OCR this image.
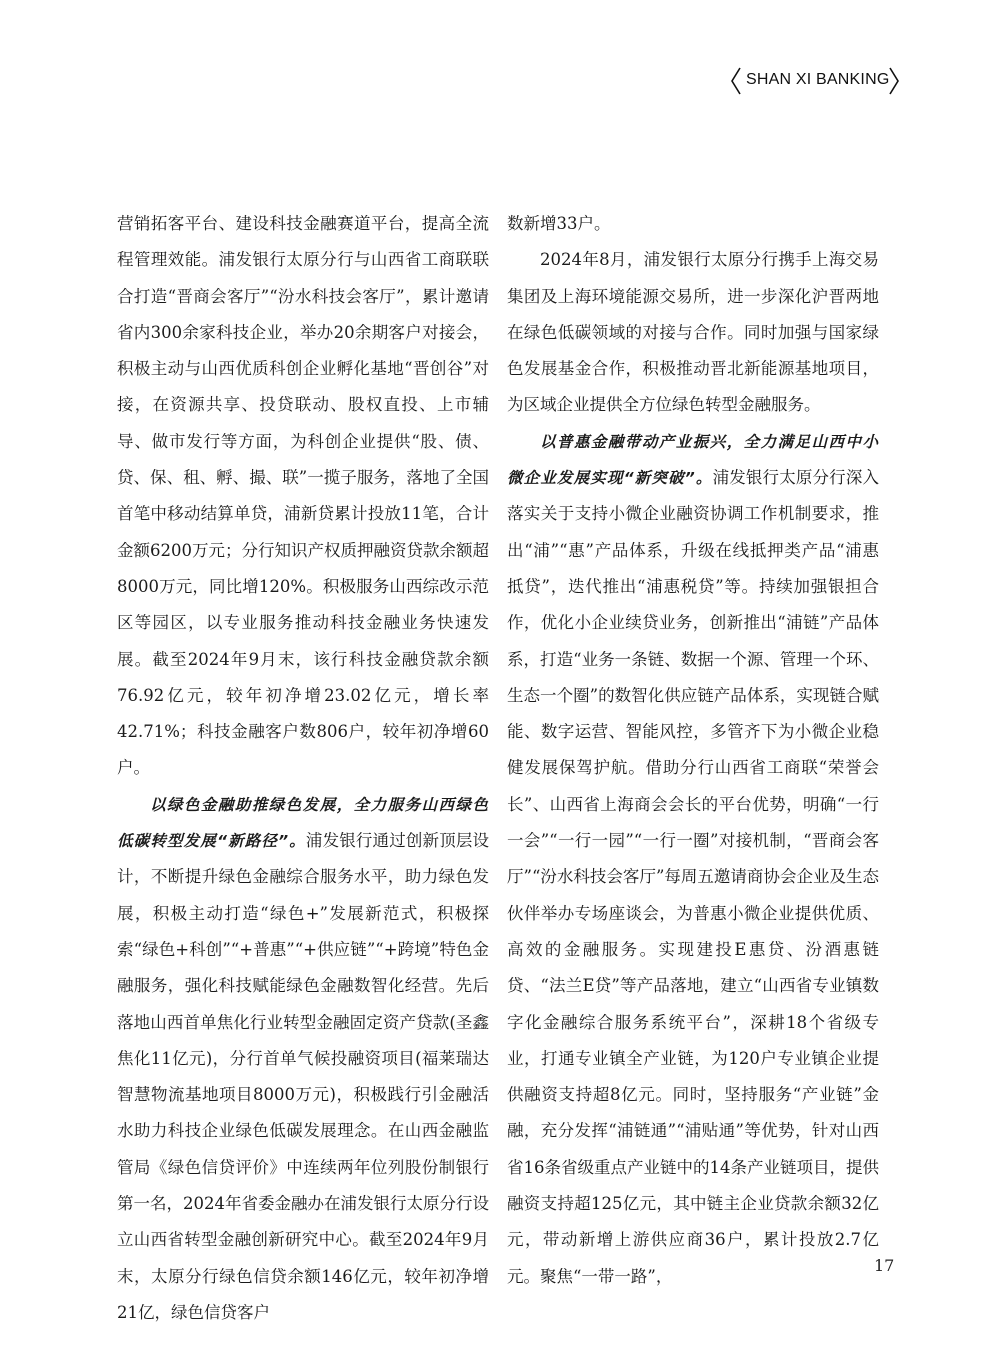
SHAN XI BANKING

营销拓客平台、建设科技金融赛道平台，提高全流程管理效能。浦发银行太原分行与山西省工商联联合打造“晋商会客厅”“汾水科技会客厅”，累计邀请省内300余家科技企业，举办20余期客户对接会，积极主动与山西优质科创企业孵化基地“晋创谷”对接，在资源共享、投贷联动、股权直投、上市辅导、做市发行等方面，为科创企业提供“股、债、贷、保、租、孵、撮、联”一揽子服务，落地了全国首笔中移动结算单贷，浦新贷累计投放11笔，合计金额6200万元；分行知识产权质押融资贷款余额超8000万元，同比增120%。积极服务山西综改示范区等园区，以专业服务推动科技金融业务快速发展。截至2024年9月末，该行科技金融贷款余额76.92亿元，较年初净增23.02亿元，增长率42.71%；科技金融客户数806户，较年初净增60户。

以绿色金融助推绿色发展，全力服务山西绿色低碳转型发展“新路径”。浦发银行通过创新顶层设计，不断提升绿色金融综合服务水平，助力绿色发展，积极主动打造“绿色+”发展新范式，积极探索“绿色+科创”“+普惠”“+供应链”“+跨境”特色金融服务，强化科技赋能绿色金融数智化经营。先后落地山西首单焦化行业转型金融固定资产贷款(圣鑫焦化11亿元)，分行首单气候投融资项目(福莱瑞达智慧物流基地项目8000万元)，积极践行引金融活水助力科技企业绿色低碳发展理念。在山西金融监管局《绿色信贷评价》中连续两年位列股份制银行第一名，2024年省委金融办在浦发银行太原分行设立山西省转型金融创新研究中心。截至2024年9月末，太原分行绿色信贷余额146亿元，较年初净增21亿，绿色信贷客户

数新增33户。

2024年8月，浦发银行太原分行携手上海交易集团及上海环境能源交易所，进一步深化沪晋两地在绿色低碳领域的对接与合作。同时加强与国家绿色发展基金合作，积极推动晋北新能源基地项目，为区域企业提供全方位绿色转型金融服务。

以普惠金融带动产业振兴，全力满足山西中小微企业发展实现“新突破”。浦发银行太原分行深入落实关于支持小微企业融资协调工作机制要求，推出“浦”“惠”产品体系，升级在线抵押类产品“浦惠抵贷”，迭代推出“浦惠税贷”等。持续加强银担合作，优化小企业续贷业务，创新推出“浦链”产品体系，打造“业务一条链、数据一个源、管理一个环、生态一个圈”的数智化供应链产品体系，实现链合赋能、数字运营、智能风控，多管齐下为小微企业稳健发展保驾护航。借助分行山西省工商联“荣誉会长”、山西省上海商会会长的平台优势，明确“一行一会”“一行一园”“一行一圈”对接机制，“晋商会客厅”“汾水科技会客厅”每周五邀请商协会企业及生态伙伴举办专场座谈会，为普惠小微企业提供优质、高效的金融服务。实现建投E惠贷、汾酒惠链贷、“法兰E贷”等产品落地，建立“山西省专业镇数字化金融综合服务系统平台”，深耕18个省级专业，打通专业镇全产业链，为120户专业镇企业提供融资支持超8亿元。同时，坚持服务“产业链”金融，充分发挥“浦链通”“浦贴通”等优势，针对山西省16条省级重点产业链中的14条产业链项目，提供融资支持超125亿元，其中链主企业贷款余额32亿元，带动新增上游供应商36户，累计投放2.7亿元。聚焦“一带一路”，

17
